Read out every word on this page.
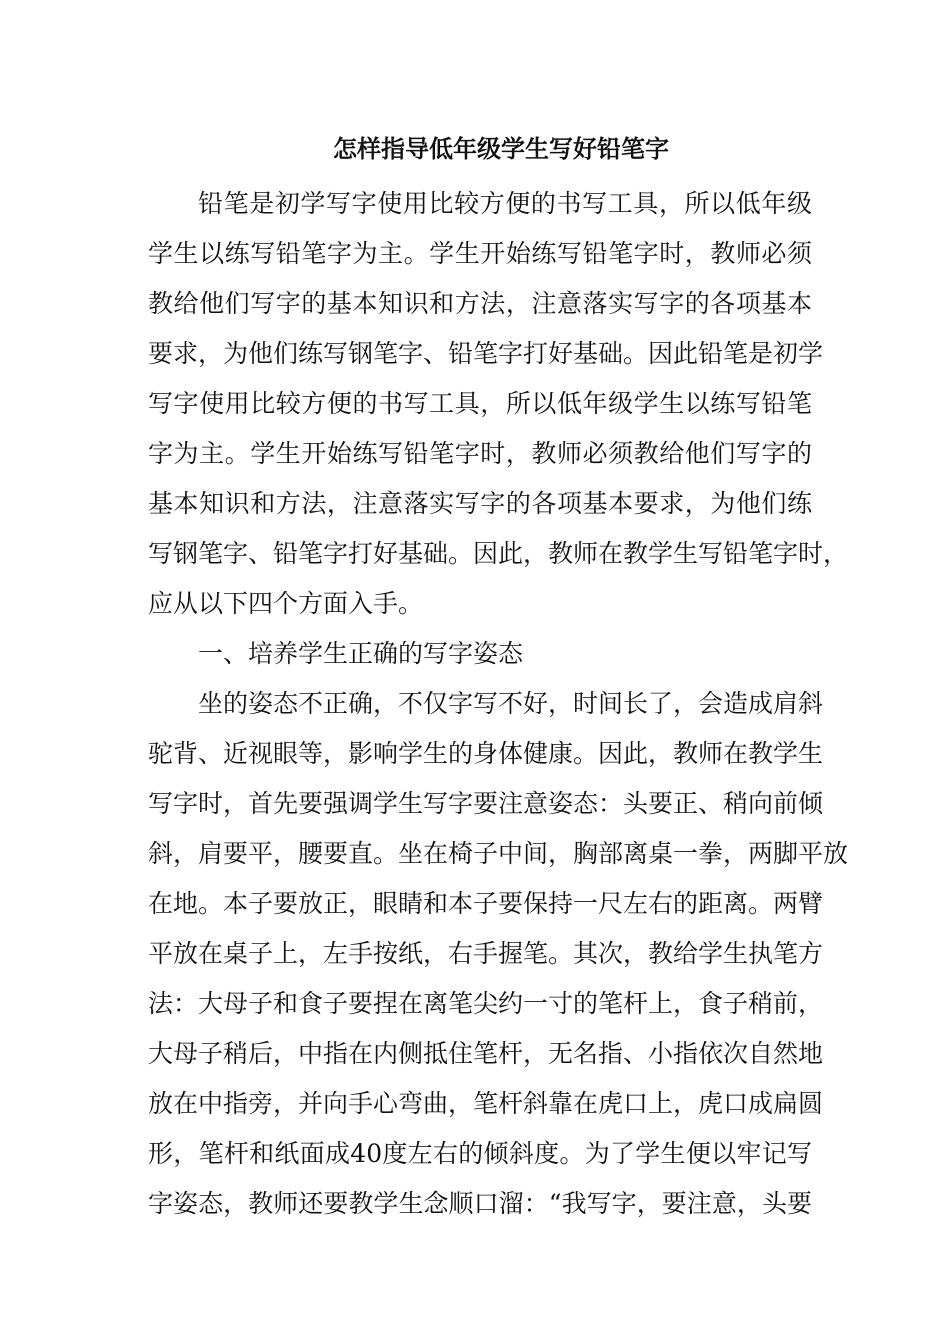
怎样指导低年级学生写好铅笔字
铅笔是初学写字使用比较方便的书写工具，所以低年级
学生以练写铅笔字为主。学生开始练写铅笔字时，教师必须
教给他们写字的基本知识和方法，注意落实写字的各项基本
要求，为他们练写钢笔字、铅笔字打好基础。因此铅笔是初学
写字使用比较方便的书写工具，所以低年级学生以练写铅笔
字为主。学生开始练写铅笔字时，教师必须教给他们写字的
基本知识和方法，注意落实写字的各项基本要求，为他们练
写钢笔字、铅笔字打好基础。因此，教师在教学生写铅笔字时，
应从以下四个方面入手。
一、培养学生正确的写字姿态
坐的姿态不正确，不仅字写不好，时间长了，会造成肩斜
驼背、近视眼等，影响学生的身体健康。因此，教师在教学生
写字时，首先要强调学生写字要注意姿态：头要正、稍向前倾
斜，肩要平，腰要直。坐在椅子中间，胸部离桌一拳，两脚平放
在地。本子要放正，眼睛和本子要保持一尺左右的距离。两臂
平放在桌子上，左手按纸，右手握笔。其次，教给学生执笔方
法：大母子和食子要捏在离笔尖约一寸的笔杆上，食子稍前，
大母子稍后，中指在内侧抵住笔杆，无名指、小指依次自然地
放在中指旁，并向手心弯曲，笔杆斜靠在虎口上，虎口成扁圆
形，笔杆和纸面成40度左右的倾斜度。为了学生便以牢记写
字姿态，教师还要教学生念顺口溜：“我写字，要注意，头要
